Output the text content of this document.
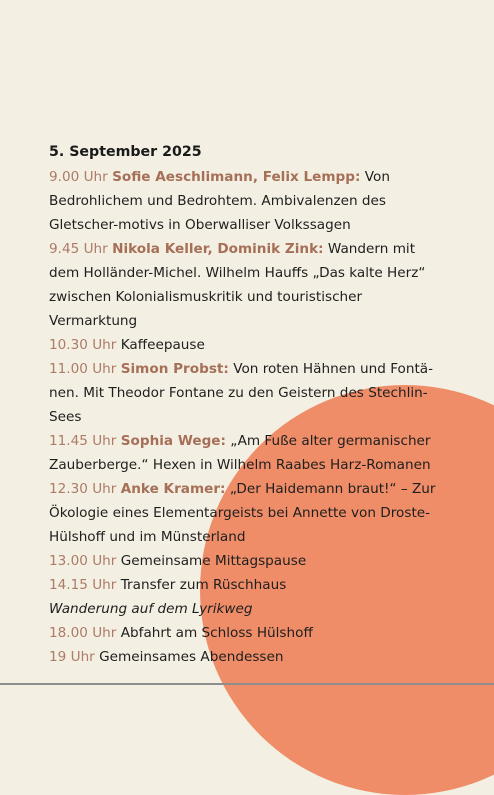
5. September 2025

9.00 Uhr Sofie Aeschlimann, Felix Lempp: Von Bedrohlichem und Bedrohtem. Ambivalenzen des Gletscher-motivs in Oberwalliser Volkssagen

9.45 Uhr Nikola Keller, Dominik Zink: Wandern mit dem Holländer-Michel. Wilhelm Hauffs „Das kalte Herz“ zwischen Kolonialismuskritik und touristischer Vermarktung

10.30 Uhr Kaffeepause

11.00 Uhr Simon Probst: Von roten Hähnen und Fontä-nen. Mit Theodor Fontane zu den Geistern des Stechlin-Sees

11.45 Uhr Sophia Wege: „Am Fuße alter germanischer Zauberberge.“ Hexen in Wilhelm Raabes Harz-Romanen

12.30 Uhr Anke Kramer: „Der Haidemann braut!“ – Zur Ökologie eines Elementargeists bei Annette von Droste-Hülshoff und im Münsterland

13.00 Uhr Gemeinsame Mittagspause

14.15 Uhr Transfer zum Rüschhaus

Wanderung auf dem Lyrikweg

18.00 Uhr Abfahrt am Schloss Hülshoff

19 Uhr Gemeinsames Abendessen
